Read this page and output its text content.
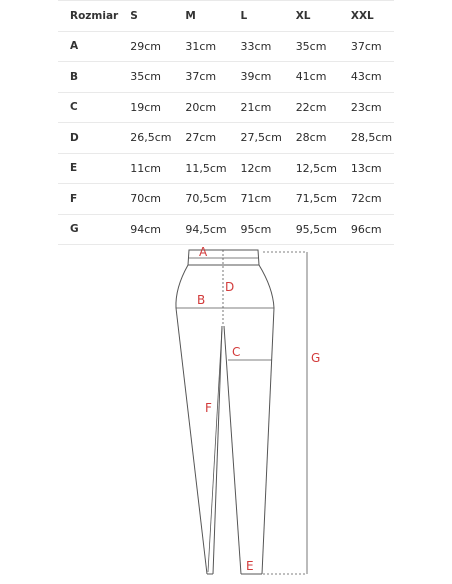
Rozmiar	S	M	L	XL	XXL
A	29cm	31cm	33cm	35cm	37cm
B	35cm	37cm	39cm	41cm	43cm
C	19cm	20cm	21cm	22cm	23cm
D	26,5cm	27cm	27,5cm	28cm	28,5cm
E	11cm	11,5cm	12cm	12,5cm	13cm
F	70cm	70,5cm	71cm	71,5cm	72cm
G	94cm	94,5cm	95cm	95,5cm	96cm
A
D
B
C	G
F
E
